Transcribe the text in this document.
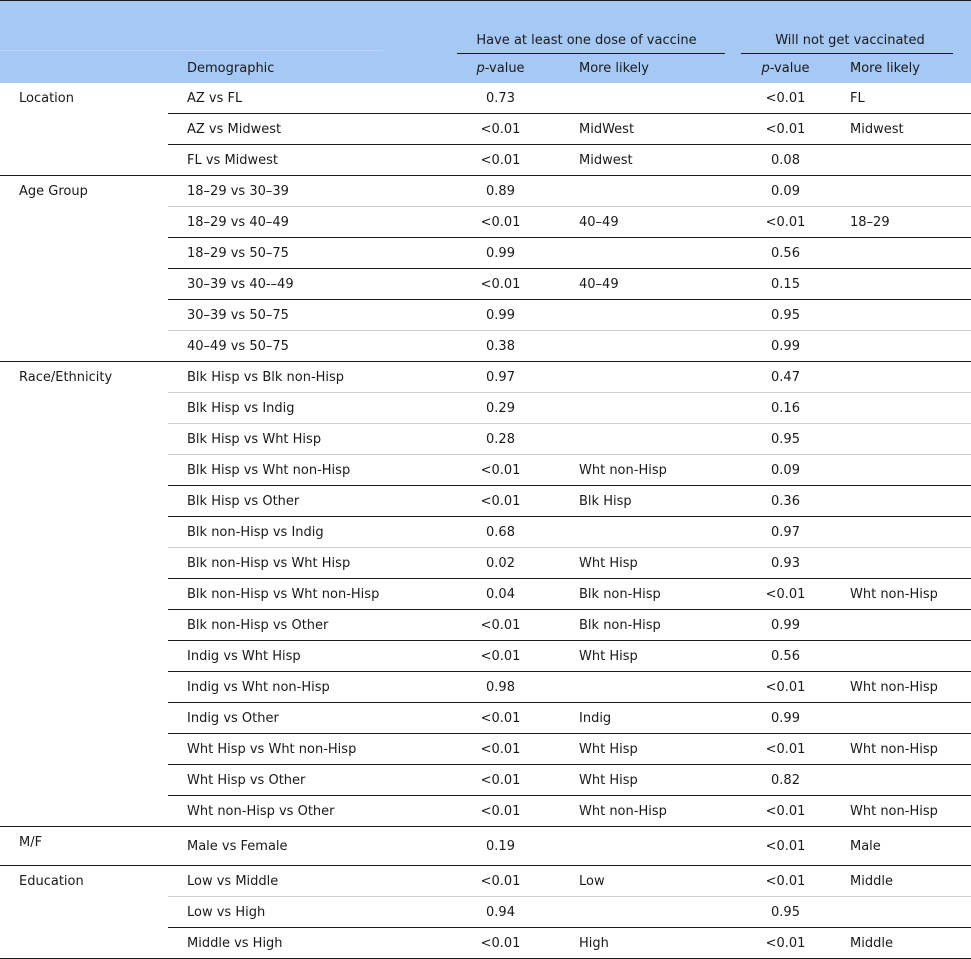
		Have at least one dose of vaccine		Will not get vaccinated	

	Demographic	p-value	More likely	p-value	More likely
Location	AZ vs FL	0.73		<0.01	FL
	AZ vs Midwest	<0.01	MidWest	<0.01	Midwest
	FL vs Midwest	<0.01	Midwest	0.08	
Age Group	18–29 vs 30–39	0.89		0.09	
	18–29 vs 40–49	<0.01	40–49	<0.01	18–29
	18–29 vs 50–75	0.99		0.56	
	30–39 vs 40-–49	<0.01	40–49	0.15	
	30–39 vs 50–75	0.99		0.95	
	40–49 vs 50–75	0.38		0.99	
Race/Ethnicity	Blk Hisp vs Blk non-Hisp	0.97		0.47	
	Blk Hisp vs Indig	0.29		0.16	
	Blk Hisp vs Wht Hisp	0.28		0.95	
	Blk Hisp vs Wht non-Hisp	<0.01	Wht non-Hisp	0.09	
	Blk Hisp vs Other	<0.01	Blk Hisp	0.36	
	Blk non-Hisp vs Indig	0.68		0.97	
	Blk non-Hisp vs Wht Hisp	0.02	Wht Hisp	0.93	
	Blk non-Hisp vs Wht non-Hisp	0.04	Blk non-Hisp	<0.01	Wht non-Hisp
	Blk non-Hisp vs Other	<0.01	Blk non-Hisp	0.99	
	Indig vs Wht Hisp	<0.01	Wht Hisp	0.56	
	Indig vs Wht non-Hisp	0.98		<0.01	Wht non-Hisp
	Indig vs Other	<0.01	Indig	0.99	
	Wht Hisp vs Wht non-Hisp	<0.01	Wht Hisp	<0.01	Wht non-Hisp
	Wht Hisp vs Other	<0.01	Wht Hisp	0.82	
	Wht non-Hisp vs Other	<0.01	Wht non-Hisp	<0.01	Wht non-Hisp
M/F	Male vs Female	0.19		<0.01	Male
Education	Low vs Middle	<0.01	Low	<0.01	Middle
	Low vs High	0.94		0.95	
	Middle vs High	<0.01	High	<0.01	Middle
